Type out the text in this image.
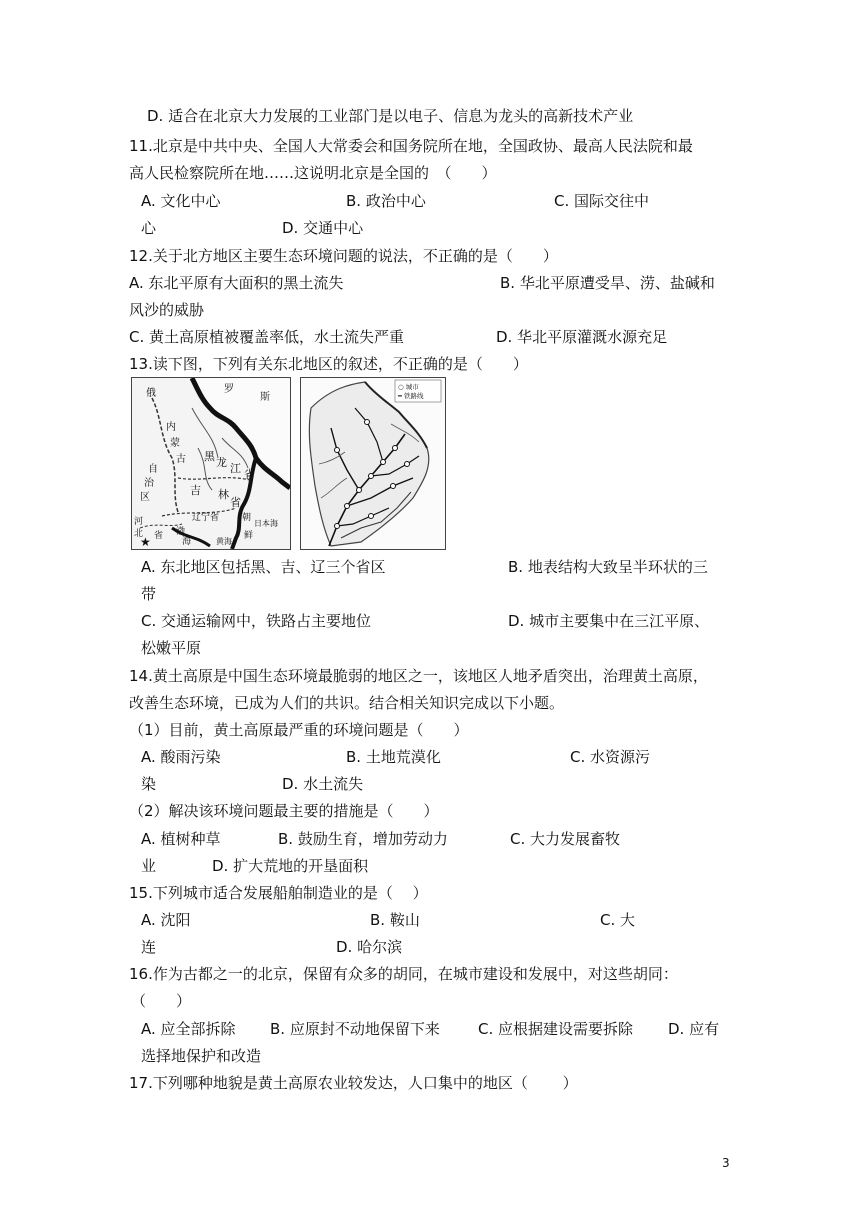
D. 适合在北京大力发展的工业部门是以电子、信息为龙头的高新技术产业
11.北京是中共中央、全国人大常委会和国务院所在地，全国政协、最高人民法院和最
高人民检察院所在地……这说明北京是全国的　（　　）
A. 文化中心	B. 政治中心	C. 国际交往中
心	D. 交通中心
12.关于北方地区主要生态环境问题的说法，不正确的是（　　）
A. 东北平原有大面积的黑土流失	B. 华北平原遭受旱、涝、盐碱和
风沙的威胁
C. 黄土高原植被覆盖率低，水土流失严重	D. 华北平原灌溉水源充足
13.读下图，下列有关东北地区的叙述，不正确的是（　　）
俄	罗
斯
内
蒙
古
自
治
区
黑 龙 江 省
吉 林
省
辽宁省	朝
鲜
日本海
黄海
河
北 省 渤
海
★
○ 城市
━ 铁路线
A. 东北地区包括黑、吉、辽三个省区	B. 地表结构大致呈半环状的三
带
C. 交通运输网中，铁路占主要地位	D. 城市主要集中在三江平原、
松嫩平原
14.黄土高原是中国生态环境最脆弱的地区之一，该地区人地矛盾突出，治理黄土高原，
改善生态环境，已成为人们的共识。结合相关知识完成以下小题。
（1）目前，黄土高原最严重的环境问题是（　　）
A. 酸雨污染	B. 土地荒漠化	C. 水资源污
染	D. 水土流失
（2）解决该环境问题最主要的措施是（　　）
A. 植树种草	B. 鼓励生育，增加劳动力	C. 大力发展畜牧
业	D. 扩大荒地的开垦面积
15.下列城市适合发展船舶制造业的是（　 ）
A. 沈阳	B. 鞍山	C. 大
连	D. 哈尔滨
16.作为古都之一的北京，保留有众多的胡同，在城市建设和发展中，对这些胡同：
（　　）
A. 应全部拆除 B. 应原封不动地保留下来	C. 应根据建设需要拆除 D. 应有
选择地保护和改造
17.下列哪种地貌是黄土高原农业较发达，人口集中的地区（　　 ）
3
